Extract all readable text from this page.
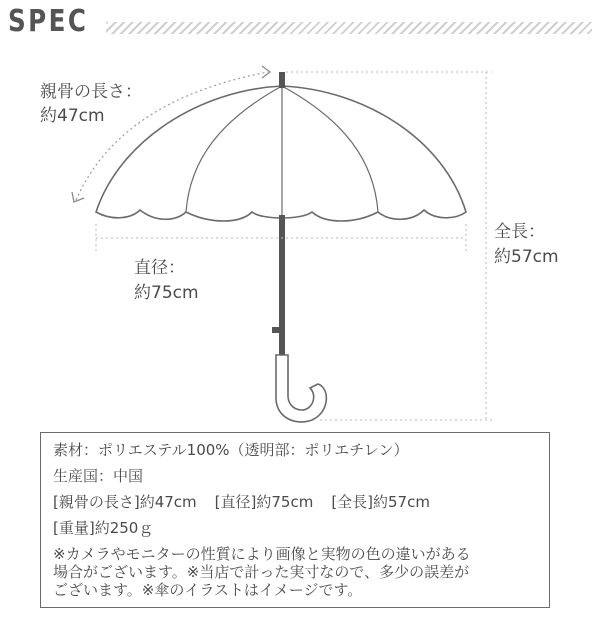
SPEC
親骨の長さ：
約47cm
直径：
約75cm
全長：
約57cm
素材：ポリエステル100%（透明部：ポリエチレン）
生産国：中国
[親骨の長さ]約47cm [直径]約75cm [全長]約57cm
[重量]約250ｇ
※カメラやモニターの性質により画像と実物の色の違いがある
場合がございます。※当店で計った実寸なので、多少の誤差が
ございます。※傘のイラストはイメージです。
